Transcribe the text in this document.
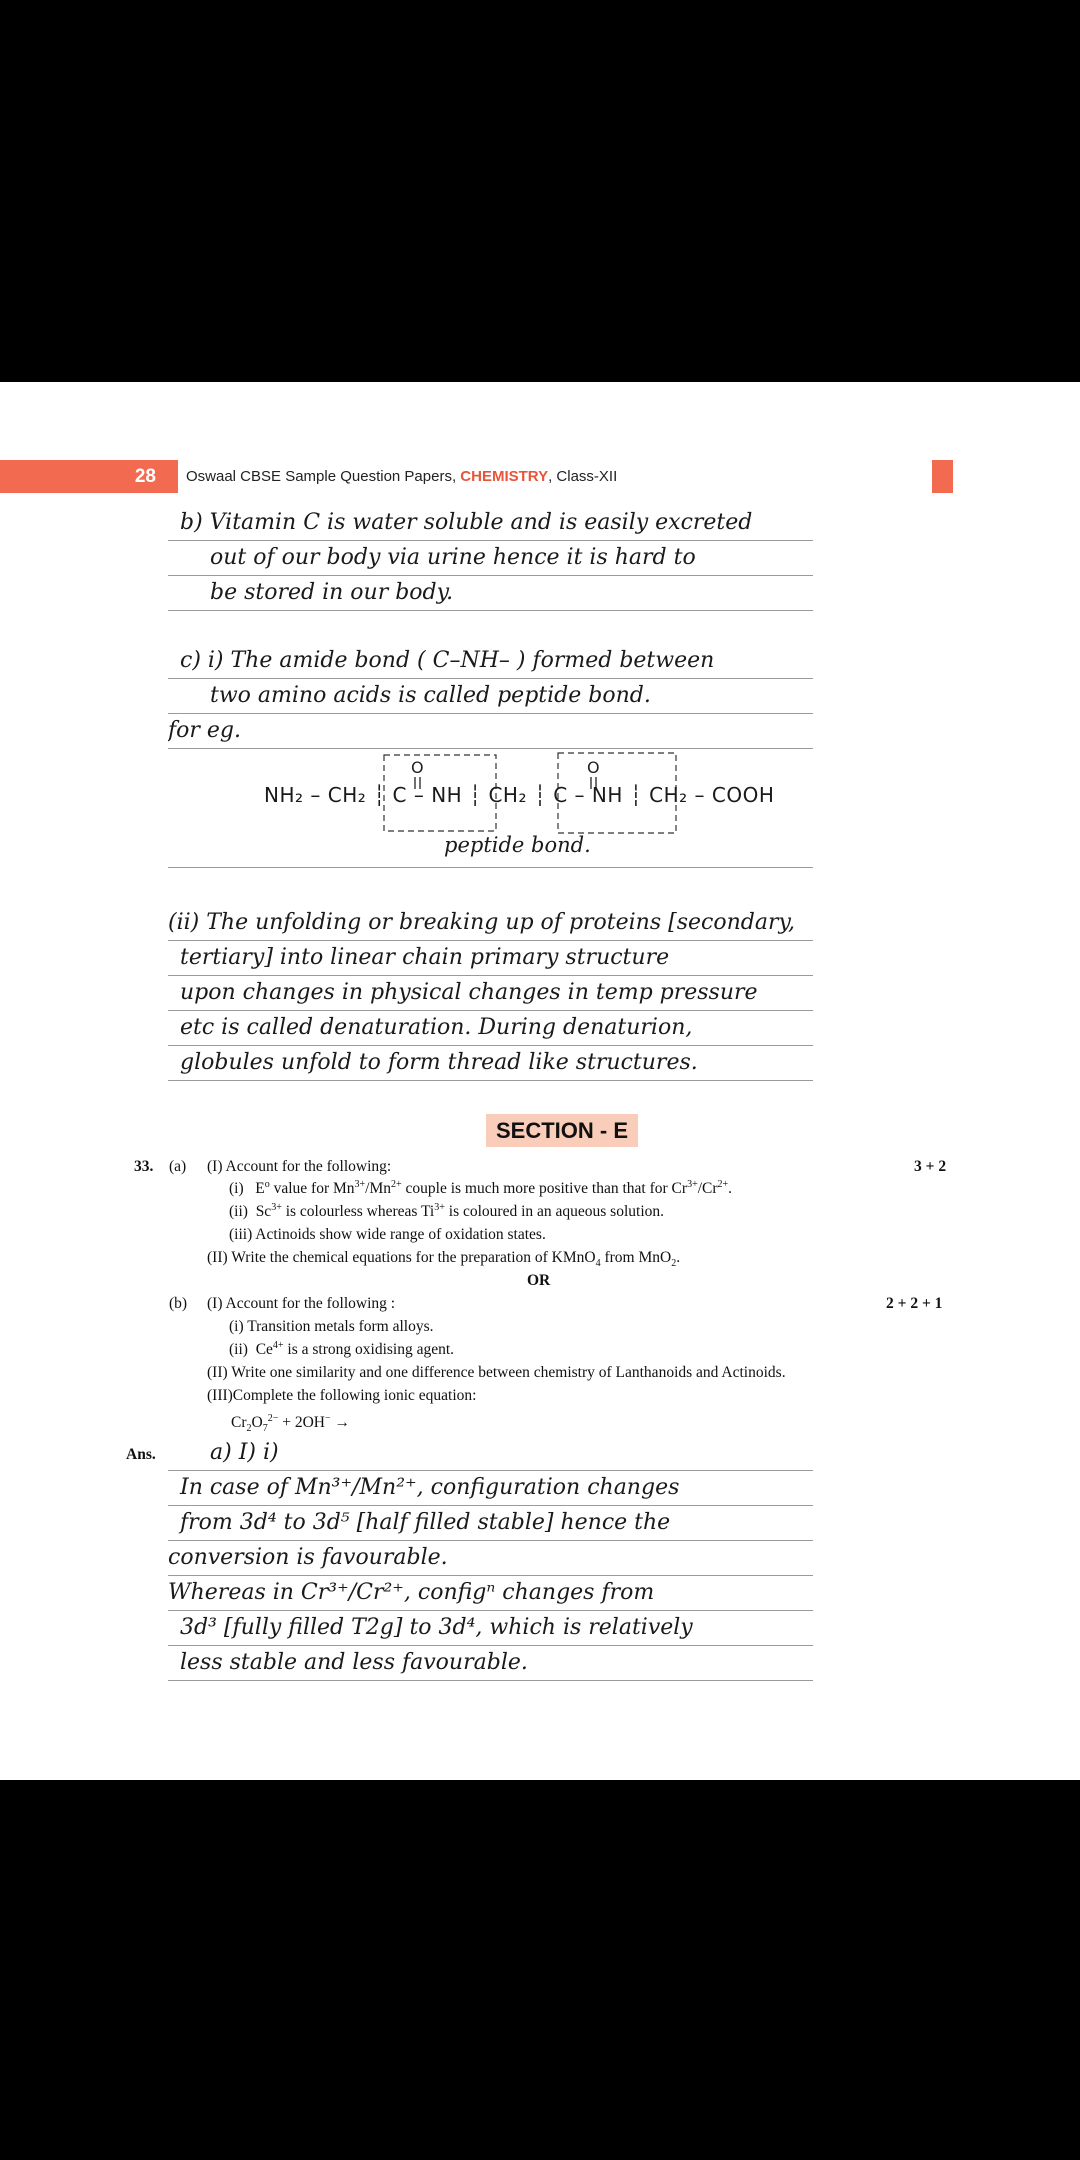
28	Oswaal CBSE Sample Question Papers, CHEMISTRY, Class-XII
b) Vitamin C is water soluble and is easily excreted
out of our body via urine hence it is hard to
be stored in our body.
c) i) The amide bond ( C–NH– ) formed between
two amino acids is called peptide bond.
for eg.
O	O
NH₂ – CH₂ ┆ C – NH ┆ CH₂ ┆ C – NH ┆ CH₂ – COOH
peptide bond.
(ii) The unfolding or breaking up of proteins [secondary,
tertiary] into linear chain primary structure
upon changes in physical changes in temp pressure
etc is called denaturation. During denaturion,
globules unfold to form thread like structures.
SECTION - E
33. (a) (I) Account for the following:	3 + 2
(i) $E^o$ value for $Mn^{3+}/Mn^{2+}$ couple is much more positive than that for $Cr^{3+}/Cr^{2+}$.
(ii) $Sc^{3+}$ is colourless whereas $Ti^{3+}$ is coloured in an aqueous solution.
(iii) Actinoids show wide range of oxidation states.
(II) Write the chemical equations for the preparation of KMnO$_4$ from MnO$_2$.
OR
(b) (I) Account for the following :	2 + 2 + 1
(i) Transition metals form alloys.
(ii) $Ce^{4+}$ is a strong oxidising agent.
(II) Write one similarity and one difference between chemistry of Lanthanoids and Actinoids.
(III)Complete the following ionic equation:
$Cr_2O_7^{2-} + 2OH^-$ →
Ans.	a) I) i)
In case of Mn³⁺/Mn²⁺, configuration changes
from 3d⁴ to 3d⁵ [half filled stable] hence the
conversion is favourable.
Whereas in Cr³⁺/Cr²⁺, configⁿ changes from
3d³ [fully filled T2g] to 3d⁴, which is relatively
less stable and less favourable.
